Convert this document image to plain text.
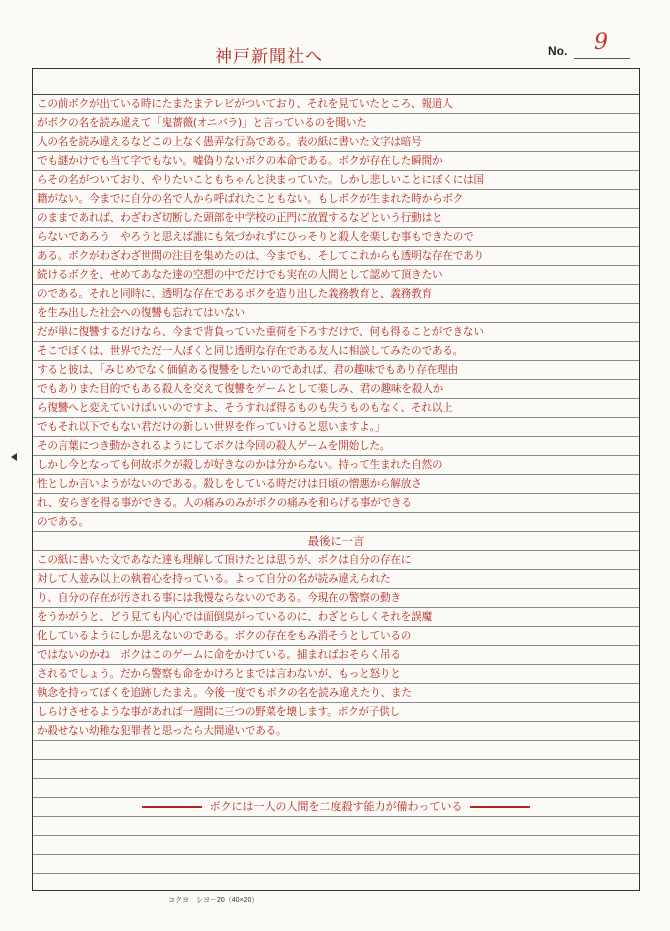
神戸新聞社へ	No. 9
この前ボクが出ている時にたまたまテレビがついており、それを見ていたところ、報道人
がボクの名を読み違えて「鬼薔薇(オニバラ)」と言っているのを聞いた
人の名を読み違えるなどこの上なく愚弄な行為である。表の紙に書いた文字は暗号
でも謎かけでも当て字でもない。嘘偽りないボクの本命である。ボクが存在した瞬間か
らその名がついており、やりたいこともちゃんと決まっていた。しかし悲しいことにぼくには国
籍がない。今までに自分の名で人から呼ばれたこともない。もしボクが生まれた時からボク
のままであれば、わざわざ切断した頭部を中学校の正門に放置するなどという行動はと
らないであろう　やろうと思えば誰にも気づかれずにひっそりと殺人を楽しむ事もできたので
ある。ボクがわざわざ世間の注目を集めたのは、今までも、そしてこれからも透明な存在であり
続けるボクを、せめてあなた達の空想の中でだけでも実在の人間として認めて頂きたい
のである。それと同時に、透明な存在であるボクを造り出した義務教育と、義務教育
を生み出した社会への復讐も忘れてはいない
だが単に復讐するだけなら、今まで背負っていた重荷を下ろすだけで、何も得ることができない
そこでぼくは、世界でただ一人ぼくと同じ透明な存在である友人に相談してみたのである。
すると彼は、「みじめでなく価値ある復讐をしたいのであれば、君の趣味でもあり存在理由
でもありまた目的でもある殺人を交えて復讐をゲームとして楽しみ、君の趣味を殺人か
ら復讐へと変えていけばいいのですよ、そうすれば得るものも失うものもなく、それ以上
でもそれ以下でもない君だけの新しい世界を作っていけると思いますよ。」
その言葉につき動かされるようにしてボクは今回の殺人ゲームを開始した。
しかし今となっても何故ボクが殺しが好きなのかは分からない。持って生まれた自然の
性としか言いようがないのである。殺しをしている時だけは日頃の憎悪から解放さ
れ、安らぎを得る事ができる。人の痛みのみがボクの痛みを和らげる事ができる
のである。
最後に一言
この紙に書いた文であなた達も理解して頂けたとは思うが、ボクは自分の存在に
対して人並み以上の執着心を持っている。よって自分の名が読み違えられた
り、自分の存在が汚される事には我慢ならないのである。今現在の警察の動き
をうかがうと、どう見ても内心では面倒臭がっているのに、わざとらしくそれを誤魔
化しているようにしか思えないのである。ボクの存在をもみ消そうとしているの
ではないのかね　ボクはこのゲームに命をかけている。捕まればおそらく吊る
されるでしょう。だから警察も命をかけろとまでは言わないが、もっと怒りと
執念を持ってぼくを追跡したまえ。今後一度でもボクの名を読み違えたり、また
しらけさせるような事があれば一週間に三つの野菜を壊します。ボクが子供し
か殺せない幼稚な犯罪者と思ったら大間違いである。
ボクには一人の人間を二度殺す能力が備わっている
コクヨ　シヨ－20（40×20）
